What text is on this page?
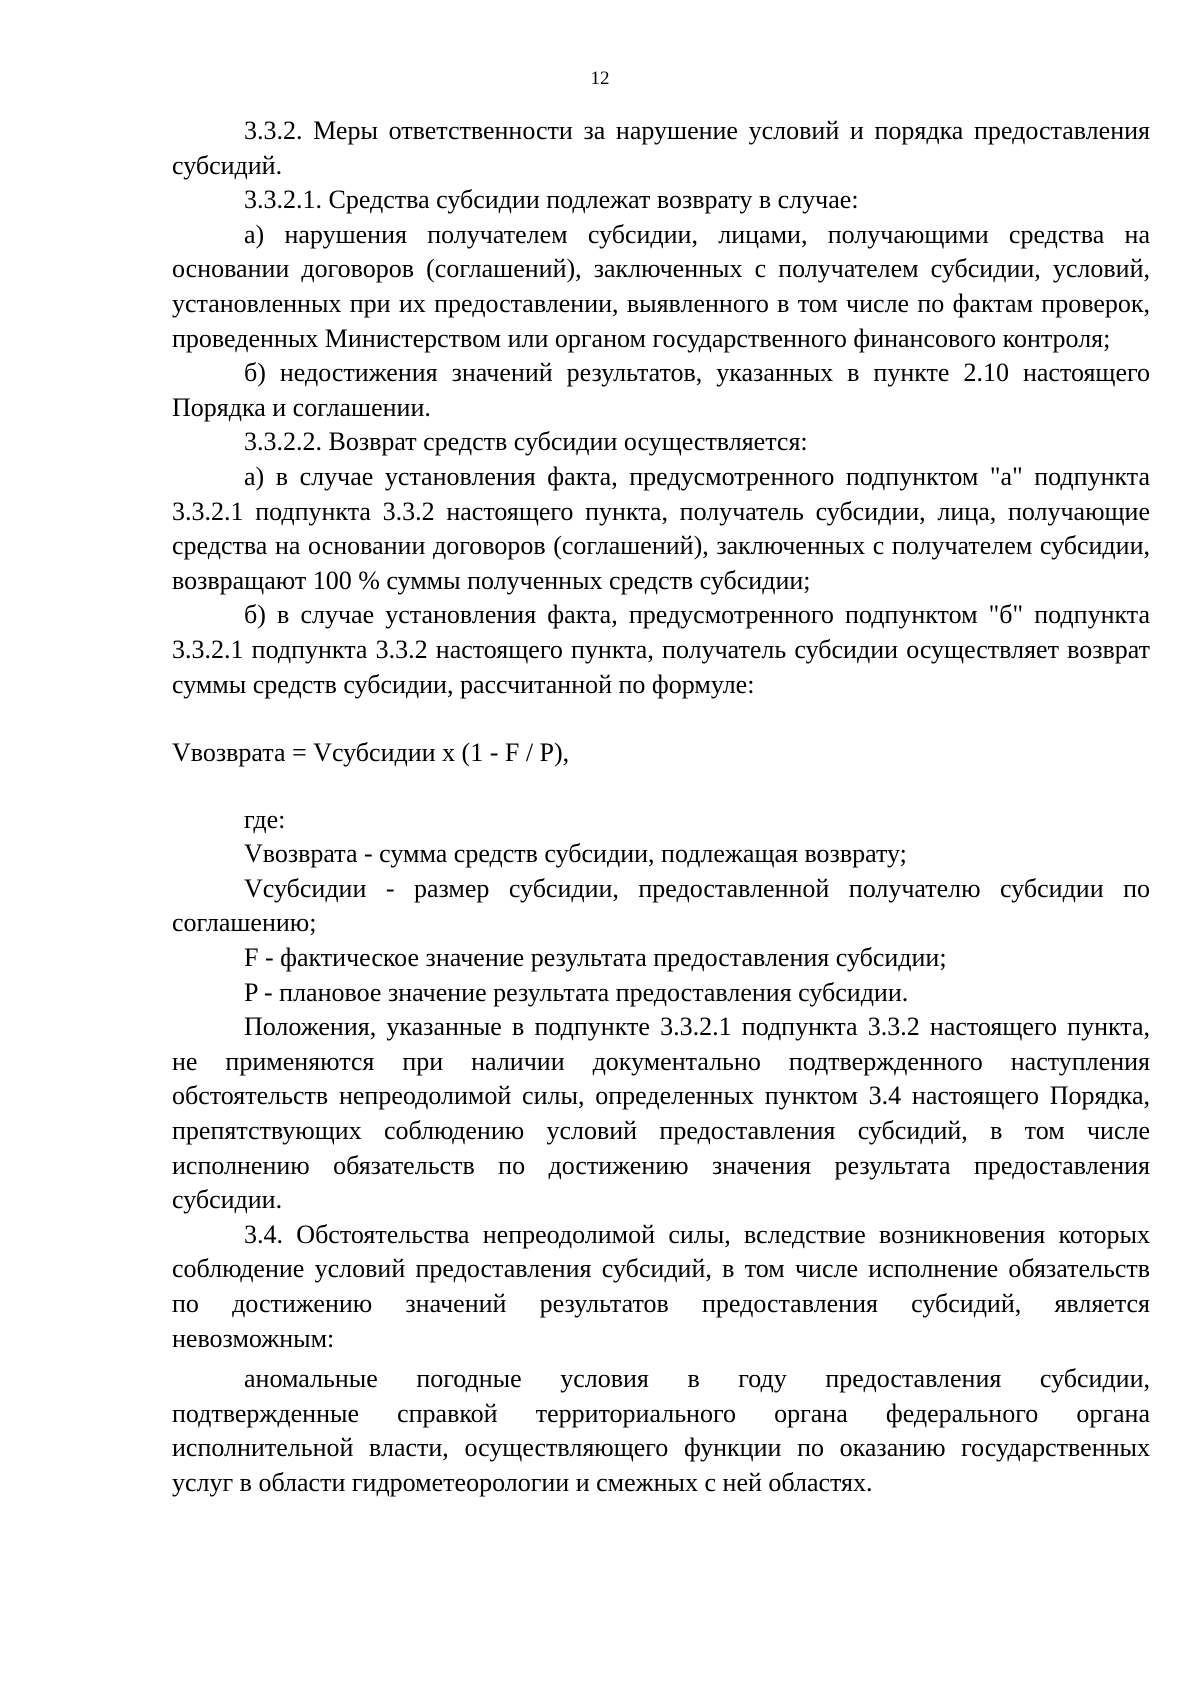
12

3.3.2. Меры ответственности за нарушение условий и порядка предоставления субсидий.

3.3.2.1. Средства субсидии подлежат возврату в случае:

а) нарушения получателем субсидии, лицами, получающими средства на основании договоров (соглашений), заключенных с получателем субсидии, условий, установленных при их предоставлении, выявленного в том числе по фактам проверок, проведенных Министерством или органом государственного финансового контроля;

б) недостижения значений результатов, указанных в пункте 2.10 настоящего Порядка и соглашении.

3.3.2.2. Возврат средств субсидии осуществляется:

а) в случае установления факта, предусмотренного подпунктом "а" подпункта 3.3.2.1 подпункта 3.3.2 настоящего пункта, получатель субсидии, лица, получающие средства на основании договоров (соглашений), заключенных с получателем субсидии, возвращают 100 % суммы полученных средств субсидии;

б) в случае установления факта, предусмотренного подпунктом "б" подпункта 3.3.2.1 подпункта 3.3.2 настоящего пункта, получатель субсидии осуществляет возврат суммы средств субсидии, рассчитанной по формуле:

Vвозврата = Vсубсидии x (1 - F / P),

где:

Vвозврата - сумма средств субсидии, подлежащая возврату;

Vсубсидии - размер субсидии, предоставленной получателю субсидии по соглашению;

F - фактическое значение результата предоставления субсидии;

P - плановое значение результата предоставления субсидии.

Положения, указанные в подпункте 3.3.2.1 подпункта 3.3.2 настоящего пункта, не применяются при наличии документально подтвержденного наступления обстоятельств непреодолимой силы, определенных пунктом 3.4 настоящего Порядка, препятствующих соблюдению условий предоставления субсидий, в том числе исполнению обязательств по достижению значения результата предоставления субсидии.

3.4. Обстоятельства непреодолимой силы, вследствие возникновения которых соблюдение условий предоставления субсидий, в том числе исполнение обязательств по достижению значений результатов предоставления субсидий, является невозможным:

аномальные погодные условия в году предоставления субсидии, подтвержденные справкой территориального органа федерального органа исполнительной власти, осуществляющего функции по оказанию государственных услуг в области гидрометеорологии и смежных с ней областях.
